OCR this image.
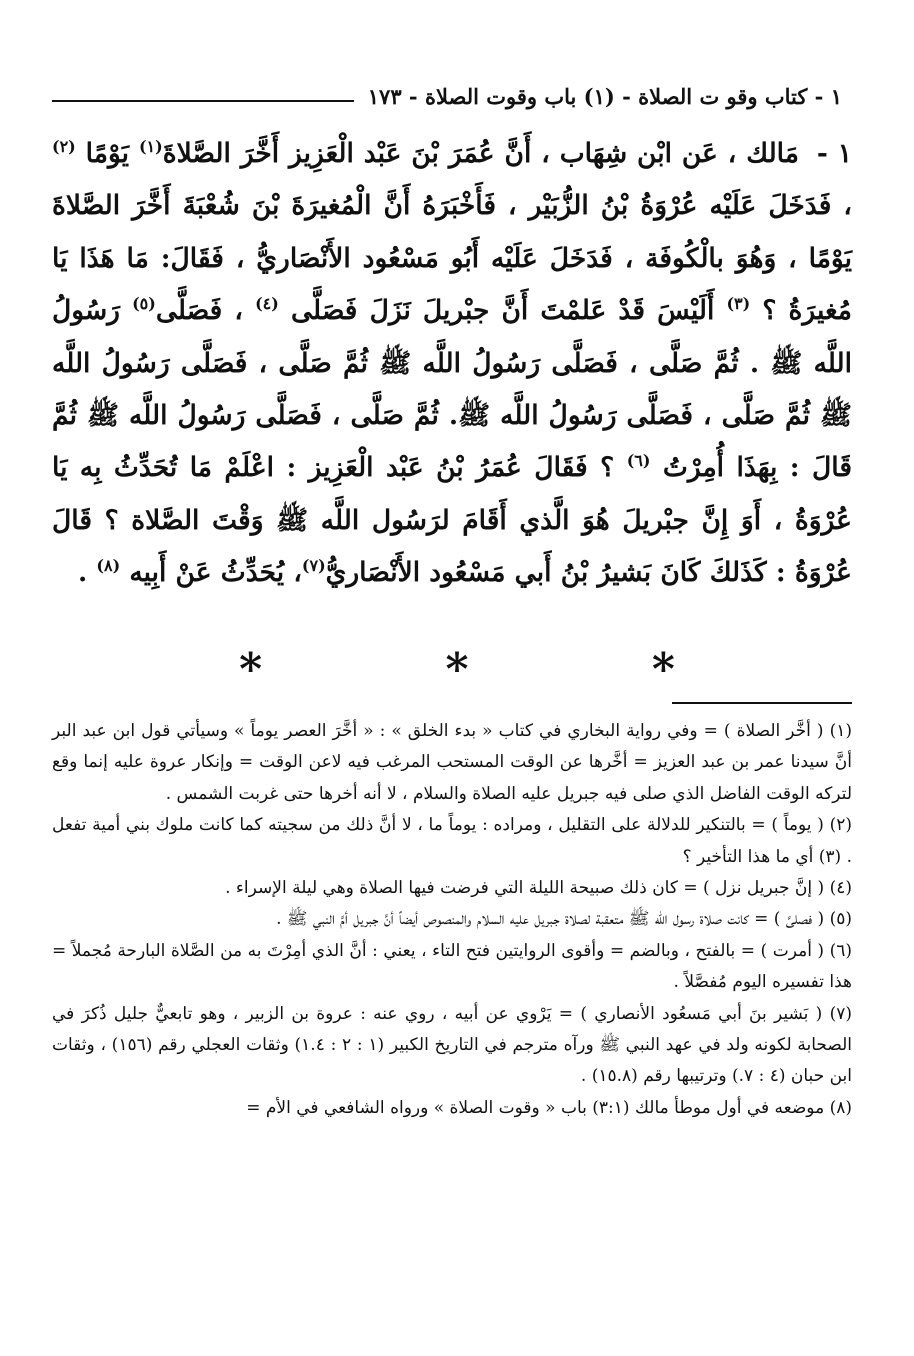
١ - كتاب وقو ت الصلاة - (١) باب وقوت الصلاة - ١٧٣

١ - مَالك ، عَن ابْن شِهَاب ، أَنَّ عُمَرَ بْنَ عَبْد الْعَزِيز أَخَّرَ الصَّلاةَ$^{(١)}$ يَوْمًا $^{(٢)}$ ، فَدَخَلَ عَلَيْه عُرْوَةُ بْنُ الزُّبَيْر ، فَأَخْبَرَهُ أَنَّ الْمُغيرَةَ بْنَ شُعْبَةَ أَخَّرَ الصَّلاةَ يَوْمًا ، وَهُوَ بالْكُوفَة ، فَدَخَلَ عَلَيْه أَبُو مَسْعُود الأَنْصَاريُّ ، فَقَالَ: مَا هَذَا يَا مُغيرَةُ ؟ $^{(٣)}$ أَلَيْسَ قَدْ عَلمْتَ أَنَّ جبْريلَ نَزَلَ فَصَلَّى $^{(٤)}$ ، فَصَلَّى$^{(٥)}$ رَسُولُ اللَّه ﷺ . ثُمَّ صَلَّى ، فَصَلَّى رَسُولُ اللَّه ﷺ ثُمَّ صَلَّى ، فَصَلَّى رَسُولُ اللَّه ﷺ ثُمَّ صَلَّى ، فَصَلَّى رَسُولُ اللَّه ﷺ. ثُمَّ صَلَّى ، فَصَلَّى رَسُولُ اللَّه ﷺ ثُمَّ قَالَ : بِهَذَا أُمِرْتُ $^{(٦)}$ ؟ فَقَالَ عُمَرُ بْنُ عَبْد الْعَزِيز : اعْلَمْ مَا تُحَدِّثُ بِه يَا عُرْوَةُ ، أَوَ إِنَّ جبْريلَ هُوَ الَّذي أَقَامَ لرَسُول اللَّه ﷺ وَقْتَ الصَّلاة ؟ قَالَ عُرْوَةُ : كَذَلكَ كَانَ بَشيرُ بْنُ أَبي مَسْعُود الأَنْصَاريُّ$^{(٧)}$، يُحَدِّثُ عَنْ أَبِيه $^{(٨)}$ .

* * *

(١) ( أخَّر الصلاة ) = وفي رواية البخاري في كتاب « بدء الخلق » : « أخَّرَ العصر يوماً » وسيأتي قول ابن عبد البر أنَّ سيدنا عمر بن عبد العزيز = أخَّرها عن الوقت المستحب المرغب فيه لاعن الوقت = وإنكار عروة عليه إنما وقع لتركه الوقت الفاضل الذي صلى فيه جبريل عليه الصلاة والسلام ، لا أنه أخرها حتى غربت الشمس .

(٢) ( يوماً ) = بالتنكير للدلالة على التقليل ، ومراده : يوماً ما ، لا أنَّ ذلك من سجيته كما كانت ملوك بني أمية تفعل . (٣) أي ما هذا التأخير ؟

(٤) ( إنَّ جبريل نزل ) = كان ذلك صبيحة الليلة التي فرضت فيها الصلاة وهي ليلة الإسراء .

(٥) ( فصلىَّ ) = كانت صلاة رسول الله ﷺ متعقبة لصلاة جبريل عليه السلام والمنصوص أيضاً أنَّ جبريل أمَّ النبي ﷺ .

(٦) ( أمرت ) = بالفتح ، وبالضم = وأقوى الروايتين فتح التاء ، يعني : أنَّ الذي أمِرْتَ به من الصَّلاة البارحة مُجملاً = هذا تفسيره اليوم مُفصَّلاً .

(٧) ( بَشير بنَ أبي مَسعُود الأنصاري ) = يَرْوي عن أبيه ، روي عنه : عروة بن الزبير ، وهو تابعيٌّ جليل ذُكرَ في الصحابة لكونه ولد في عهد النبي ﷺ ورآه مترجم في التاريخ الكبير (١ : ٢ : ١.٤) وثقات العجلي رقم (١٥٦) ، وثقات ابن حبان (٤ : ٧.) وترتيبها رقم (١٥.٨) .

(٨) موضعه في أول موطأ مالك (٣:١) باب « وقوت الصلاة » ورواه الشافعي في الأم =
